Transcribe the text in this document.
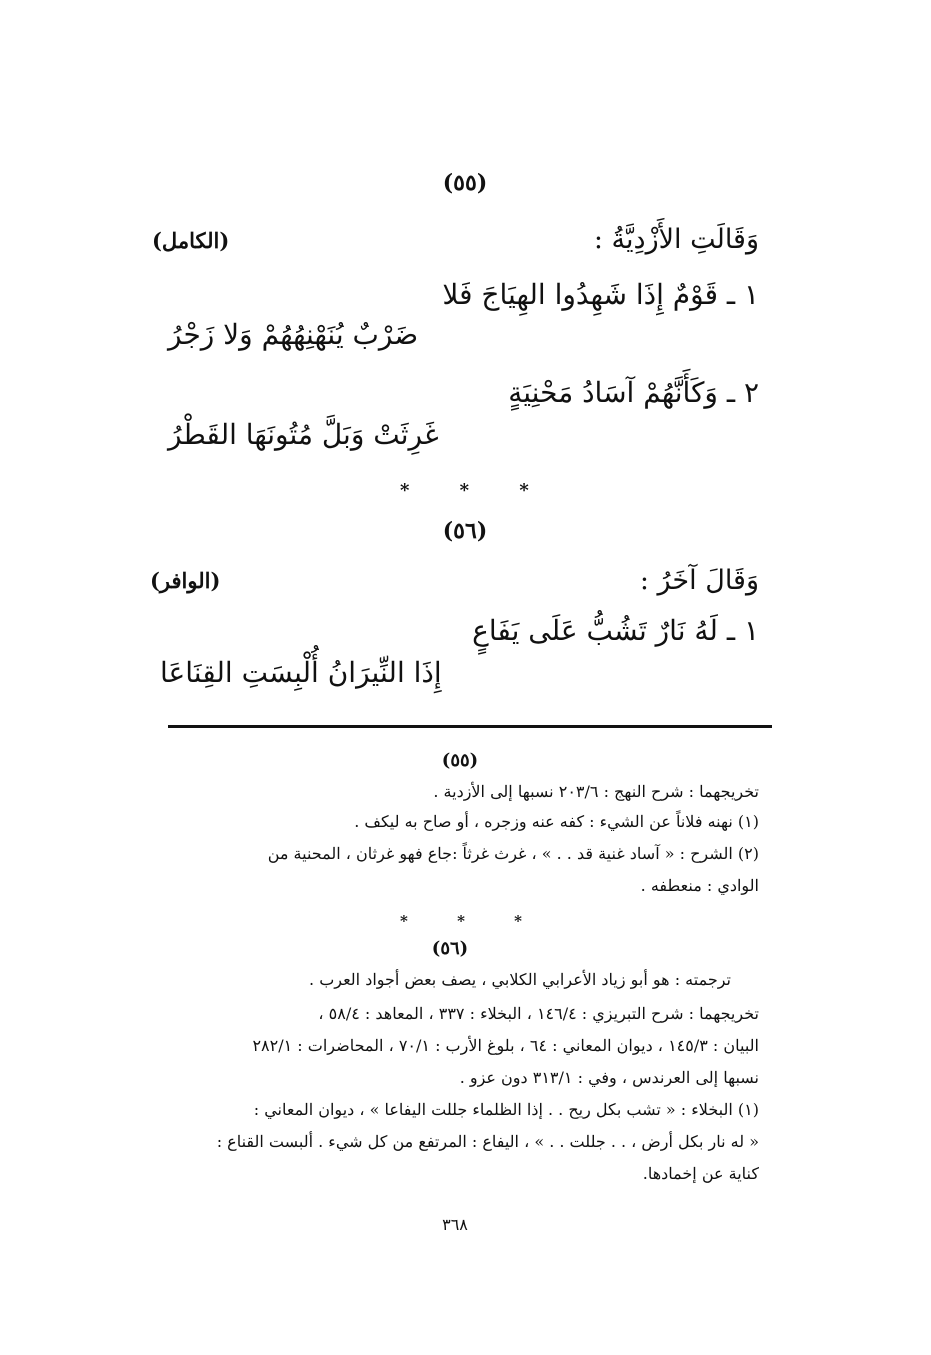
(٥٥)
وَقَالَتِ الأَزْدِيَّةُ :
(الكامل)
١ ـ قَوْمٌ إِذَا شَهِدُوا الهِيَاجَ فَلا
ضَرْبٌ يُنَهْنِهُهُمْ وَلا زَجْرُ
٢ ـ وَكَأَنَّهُمْ آسَادُ مَحْنِيَةٍ
غَرِثَتْ وَبَلَّ مُتُونَهَا القَطْرُ
* * *
(٥٦)
وَقَالَ آخَرُ :
(الوافر)
١ ـ لَهُ نَارٌ تَشُبُّ عَلَى يَفَاعٍ
إِذَا النِّيرَانُ أُلْبِسَتِ القِنَاعَا
(٥٥)
تخريجهما : شرح النهج : ٢٠٣/٦ نسبها إلى الأزدية .
(١) نهنه فلاناً عن الشيء : كفه عنه وزجره ، أو صاح به ليكف .
(٢) الشرح : « آساد غنية قد . . » ، غرث غرثاً :جاع فهو غرثان ، المحنية من
الوادي : منعطفه .
* * *
(٥٦)
ترجمته : هو أبو زياد الأعرابي الكلابي ، يصف بعض أجواد العرب .
تخريجهما : شرح التبريزي : ١٤٦/٤ ، البخلاء : ٣٣٧ ، المعاهد : ٥٨/٤ ،
البيان : ١٤٥/٣ ، ديوان المعاني : ٦٤ ، بلوغ الأرب : ٧٠/١ ، المحاضرات : ٢٨٢/١
نسبها إلى العرندس ، وفي : ٣١٣/١ دون عزو .
(١) البخلاء : « تشب بكل ريح . . إذا الظلماء جللت اليفاعا » ، ديوان المعاني :
« له نار بكل أرض ، . . جللت . . » ، اليفاع : المرتفع من كل شيء . ألبست القناع :
كناية عن إخمادها.
٣٦٨
